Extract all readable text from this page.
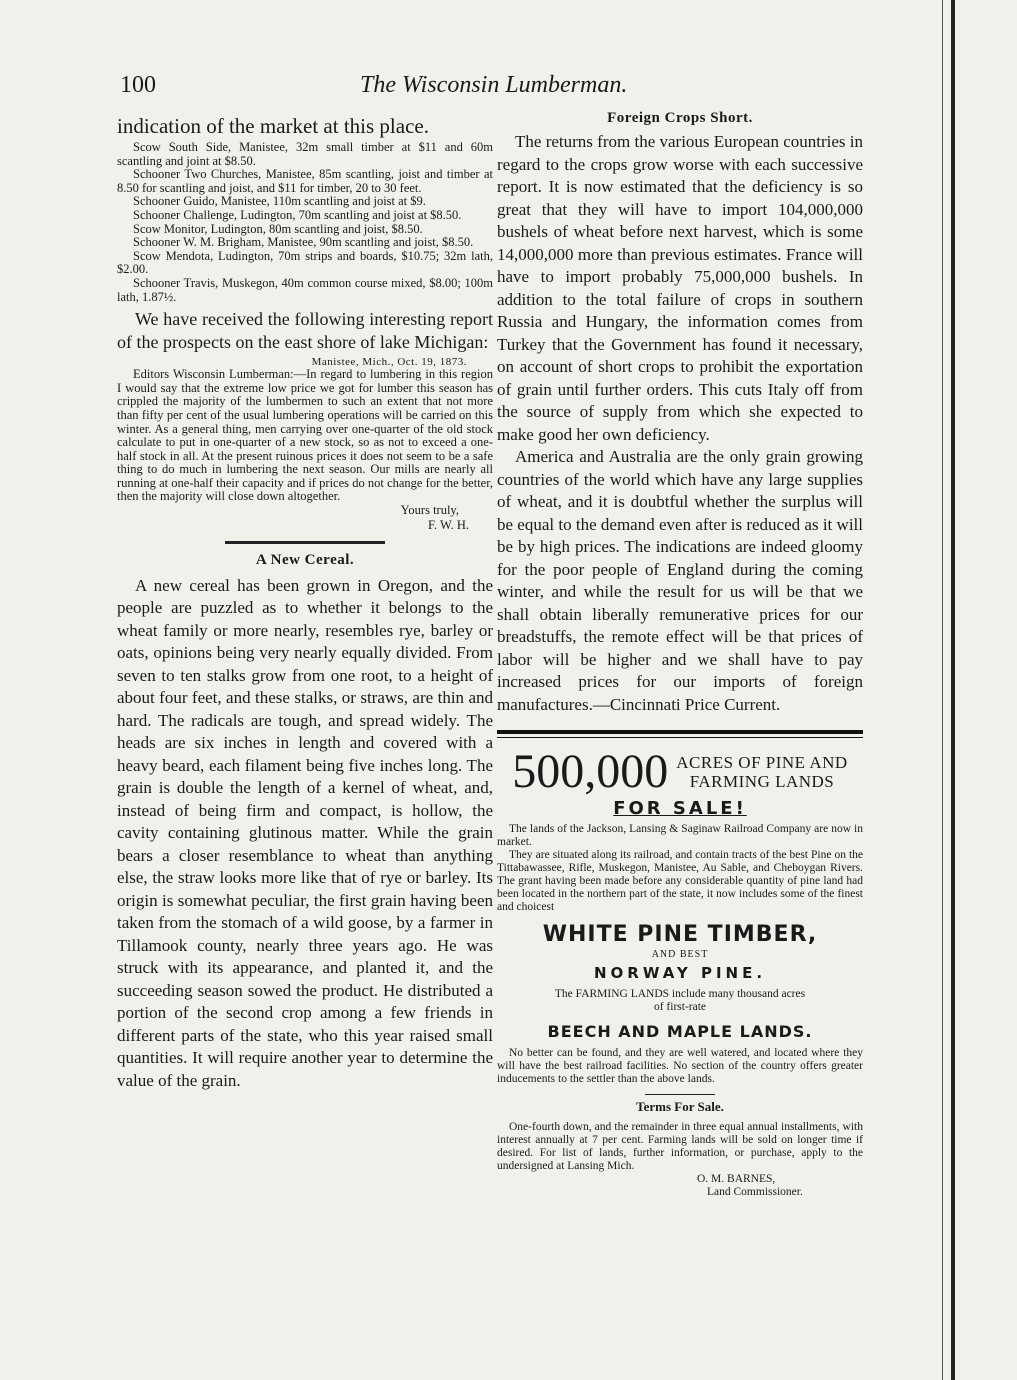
100	The Wisconsin Lumberman.
indication of the market at this place.

Scow South Side, Manistee, 32m small timber at $11 and 60m scantling and joint at $8.50.

Schooner Two Churches, Manistee, 85m scantling, joist and timber at 8.50 for scantling and joist, and $11 for timber, 20 to 30 feet.

Schooner Guido, Manistee, 110m scantling and joist at $9.

Schooner Challenge, Ludington, 70m scantling and joist at $8.50.

Scow Monitor, Ludington, 80m scantling and joist, $8.50.

Schooner W. M. Brigham, Manistee, 90m scantling and joist, $8.50.

Scow Mendota, Ludington, 70m strips and boards, $10.75; 32m lath, $2.00.

Schooner Travis, Muskegon, 40m common course mixed, $8.00; 100m lath, 1.87½.

We have received the following interesting report of the prospects on the east shore of lake Michigan:

Manistee, Mich., Oct. 19, 1873.

Editors Wisconsin Lumberman:—In regard to lumbering in this region I would say that the extreme low price we got for lumber this season has crippled the majority of the lumbermen to such an extent that not more than fifty per cent of the usual lumbering operations will be carried on this winter. As a general thing, men carrying over one-quarter of the old stock calculate to put in one-quarter of a new stock, so as not to exceed a one-half stock in all. At the present ruinous prices it does not seem to be a safe thing to do much in lumbering the next season. Our mills are nearly all running at one-half their capacity and if prices do not change for the better, then the majority will close down altogether.

Yours truly,
F. W. H.
A New Cereal.

A new cereal has been grown in Oregon, and the people are puzzled as to whether it belongs to the wheat family or more nearly, resembles rye, barley or oats, opinions being very nearly equally divided. From seven to ten stalks grow from one root, to a height of about four feet, and these stalks, or straws, are thin and hard. The radicals are tough, and spread widely. The heads are six inches in length and covered with a heavy beard, each filament being five inches long. The grain is double the length of a kernel of wheat, and, instead of being firm and compact, is hollow, the cavity containing glutinous matter. While the grain bears a closer resemblance to wheat than anything else, the straw looks more like that of rye or barley. Its origin is somewhat peculiar, the first grain having been taken from the stomach of a wild goose, by a farmer in Tillamook county, nearly three years ago. He was struck with its appearance, and planted it, and the succeeding season sowed the product. He distributed a portion of the second crop among a few friends in different parts of the state, who this year raised small quantities. It will require another year to determine the value of the grain.

Foreign Crops Short.

The returns from the various European countries in regard to the crops grow worse with each successive report. It is now estimated that the deficiency is so great that they will have to import 104,000,000 bushels of wheat before next harvest, which is some 14,000,000 more than previous estimates. France will have to import probably 75,000,000 bushels. In addition to the total failure of crops in southern Russia and Hungary, the information comes from Turkey that the Government has found it necessary, on account of short crops to prohibit the exportation of grain until further orders. This cuts Italy off from the source of supply from which she expected to make good her own deficiency.

America and Australia are the only grain growing countries of the world which have any large supplies of wheat, and it is doubtful whether the surplus will be equal to the demand even after is reduced as it will be by high prices. The indications are indeed gloomy for the poor people of England during the coming winter, and while the result for us will be that we shall obtain liberally remunerative prices for our breadstuffs, the remote effect will be that prices of labor will be higher and we shall have to pay increased prices for our imports of foreign manufactures.—Cincinnati Price Current.

500,000 ACRES OF PINE AND
FARMING LANDS
FOR SALE!

The lands of the Jackson, Lansing & Saginaw Railroad Company are now in market.

They are situated along its railroad, and contain tracts of the best Pine on the Tittabawassee, Rifle, Muskegon, Manistee, Au Sable, and Cheboygan Rivers. The grant having been made before any considerable quantity of pine land had been located in the northern part of the state, it now includes some of the finest and choicest

WHITE PINE TIMBER,
AND BEST
NORWAY PINE.
The FARMING LANDS include many thousand acres
of first-rate
BEECH AND MAPLE LANDS.

No better can be found, and they are well watered, and located where they will have the best railroad facilities. No section of the country offers greater inducements to the settler than the above lands.

Terms For Sale.

One-fourth down, and the remainder in three equal annual installments, with interest annually at 7 per cent. Farming lands will be sold on longer time if desired. For list of lands, further information, or purchase, apply to the undersigned at Lansing Mich.

O. M. BARNES,
Land Commissioner.
